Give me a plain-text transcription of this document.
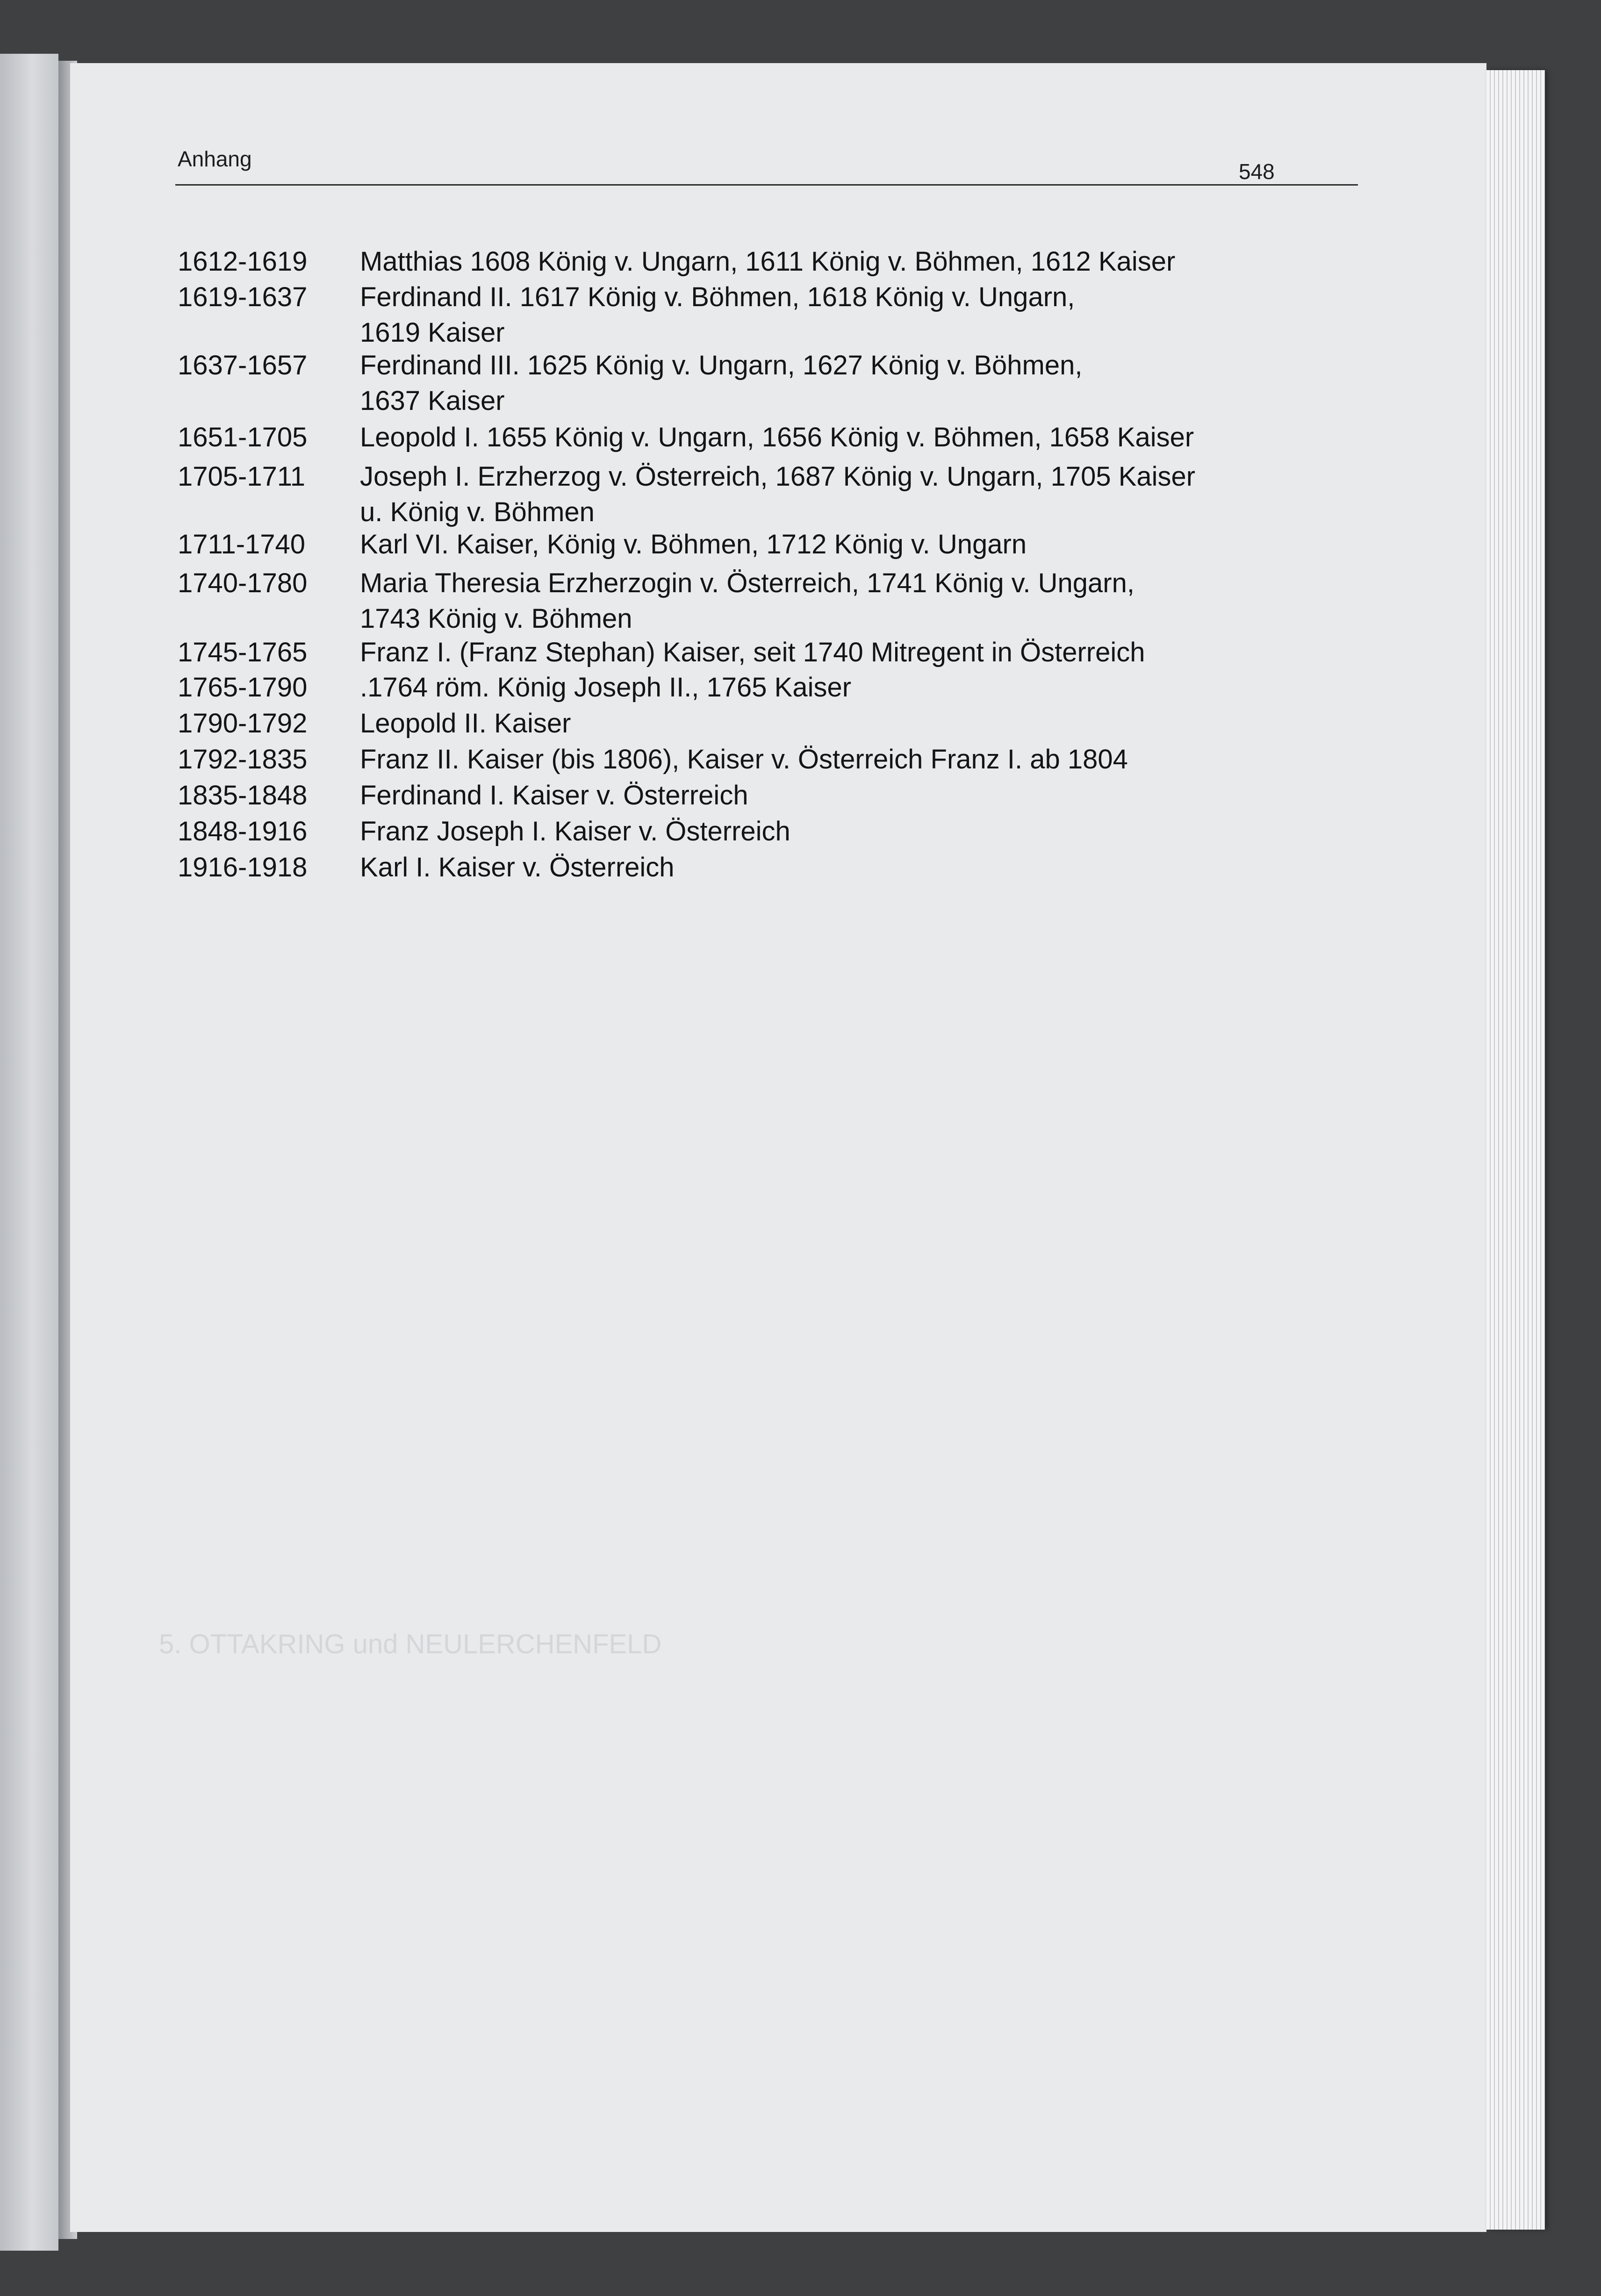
Anhang
548
1612-1619 Matthias 1608 König v. Ungarn, 1611 König v. Böhmen, 1612 Kaiser
1619-1637 Ferdinand II. 1617 König v. Böhmen, 1618 König v. Ungarn,
1619 Kaiser
1637-1657 Ferdinand III. 1625 König v. Ungarn, 1627 König v. Böhmen,
1637 Kaiser
1651-1705 Leopold I. 1655 König v. Ungarn, 1656 König v. Böhmen, 1658 Kaiser
1705-1711 Joseph I. Erzherzog v. Österreich, 1687 König v. Ungarn, 1705 Kaiser
u. König v. Böhmen
1711-1740 Karl VI. Kaiser, König v. Böhmen, 1712 König v. Ungarn
1740-1780 Maria Theresia Erzherzogin v. Österreich, 1741 König v. Ungarn,
1743 König v. Böhmen
1745-1765 Franz I. (Franz Stephan) Kaiser, seit 1740 Mitregent in Österreich
1765-1790 .1764 röm. König Joseph II., 1765 Kaiser
1790-1792 Leopold II. Kaiser
1792-1835 Franz II. Kaiser (bis 1806), Kaiser v. Österreich Franz I. ab 1804
1835-1848 Ferdinand I. Kaiser v. Österreich
1848-1916 Franz Joseph I. Kaiser v. Österreich
1916-1918 Karl I. Kaiser v. Österreich
5. OTTAKRING und NEULERCHENFELD
